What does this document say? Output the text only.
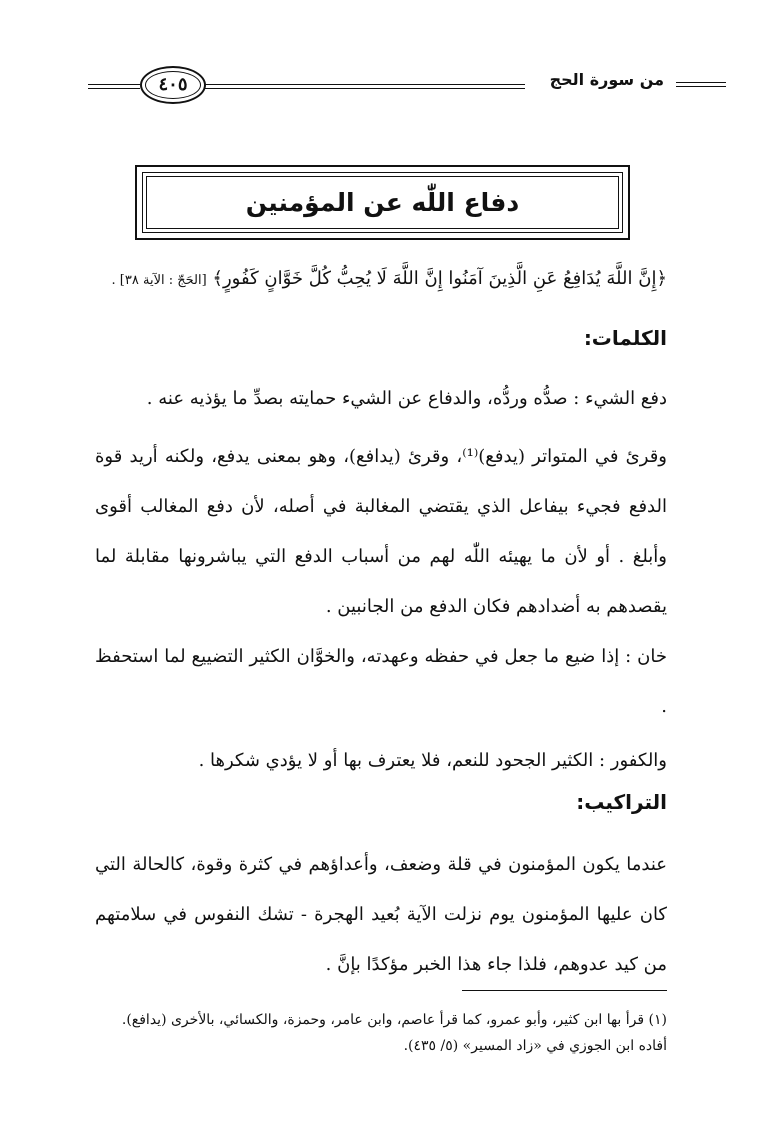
من سورة الحج
٤٠٥
دفاع اللّٰه عن المؤمنين
﴿إِنَّ اللَّهَ يُدَافِعُ عَنِ الَّذِينَ آمَنُوا إِنَّ اللَّهَ لَا يُحِبُّ كُلَّ خَوَّانٍ كَفُورٍ﴾ [الحَجّ : الآية ٣٨] .
الكلمات:
دفع الشيء : صدُّه وردُّه، والدفاع عن الشيء حمايته بصدِّ ما يؤذيه عنه .
وقرئ في المتواتر (يدفع)⁽¹⁾، وقرئ (يدافع)، وهو بمعنى يدفع، ولكنه أريد قوة الدفع فجيء بيفاعل الذي يقتضي المغالبة في أصله، لأن دفع المغالب أقوى وأبلغ . أو لأن ما يهيئه اللّٰه لهم من أسباب الدفع التي يباشرونها مقابلة لما يقصدهم به أضدادهم فكان الدفع من الجانبين .
خان : إذا ضيع ما جعل في حفظه وعهدته، والخوَّان الكثير التضييع لما استحفظ .
والكفور : الكثير الجحود للنعم، فلا يعترف بها أو لا يؤدي شكرها .
التراكيب:
عندما يكون المؤمنون في قلة وضعف، وأعداؤهم في كثرة وقوة، كالحالة التي كان عليها المؤمنون يوم نزلت الآية بُعيد الهجرة - تشك النفوس في سلامتهم من كيد عدوهم، فلذا جاء هذا الخبر مؤكدًا بإنَّ .
(١) قرأ بها ابن كثير، وأبو عمرو، كما قرأ عاصم، وابن عامر، وحمزة، والكسائي، بالأخرى (يدافع).
أفاده ابن الجوزي في «زاد المسير» (٥/ ٤٣٥).
